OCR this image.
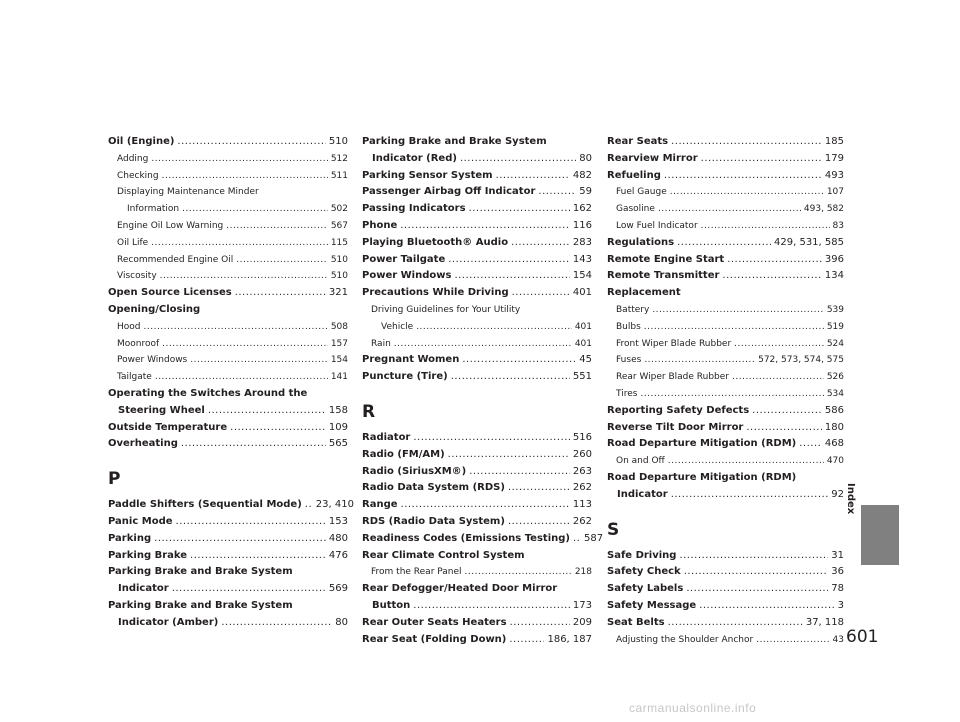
Oil (Engine) .....	510
Adding .....	512
Checking .....	511
Displaying Maintenance Minder
Information .....	502
Engine Oil Low Warning .....	567
Oil Life .....	115
Recommended Engine Oil .....	510
Viscosity .....	510
Open Source Licenses .....	321
Opening/Closing
Hood .....	508
Moonroof .....	157
Power Windows .....	154
Tailgate .....	141
Operating the Switches Around the
Steering Wheel .....	158
Outside Temperature .....	109
Overheating .....	565
P
Paddle Shifters (Sequential Mode) ..... 23, 410
Panic Mode .....	153
Parking .....	480
Parking Brake .....	476
Parking Brake and Brake System
Indicator .....	569
Parking Brake and Brake System
Indicator (Amber) .....	80
Parking Brake and Brake System
Indicator (Red) .....	80
Parking Sensor System .....	482
Passenger Airbag Off Indicator .....	59
Passing Indicators .....	162
Phone .....	116
Playing Bluetooth® Audio .....	283
Power Tailgate .....	143
Power Windows .....	154
Precautions While Driving .....	401
Driving Guidelines for Your Utility
Vehicle .....	401
Rain .....	401
Pregnant Women .....	45
Puncture (Tire) .....	551
R
Radiator .....	516
Radio (FM/AM) .....	260
Radio (SiriusXM®) .....	263
Radio Data System (RDS) .....	262
Range .....	113
RDS (Radio Data System) .....	262
Readiness Codes (Emissions Testing) ..... 587
Rear Climate Control System
From the Rear Panel .....	218
Rear Defogger/Heated Door Mirror
Button .....	173
Rear Outer Seats Heaters .....	209
Rear Seat (Folding Down) .....	186, 187
Rear Seats .....	185
Rearview Mirror .....	179
Refueling .....	493
Fuel Gauge .....	107
Gasoline .....	493, 582
Low Fuel Indicator .....	83
Regulations .....	429, 531, 585
Remote Engine Start .....	396
Remote Transmitter .....	134
Replacement
Battery .....	539
Bulbs .....	519
Front Wiper Blade Rubber .....	524
Fuses .....	572, 573, 574, 575
Rear Wiper Blade Rubber .....	526
Tires .....	534
Reporting Safety Defects .....	586
Reverse Tilt Door Mirror .....	180
Road Departure Mitigation (RDM) .....	468
On and Off .....	470
Road Departure Mitigation (RDM)
Indicator .....	92
S
Safe Driving .....	31
Safety Check .....	36
Safety Labels .....	78
Safety Message .....	3
Seat Belts .....	37, 118
Adjusting the Shoulder Anchor .....	43
Index
601
carmanualsonline.info
